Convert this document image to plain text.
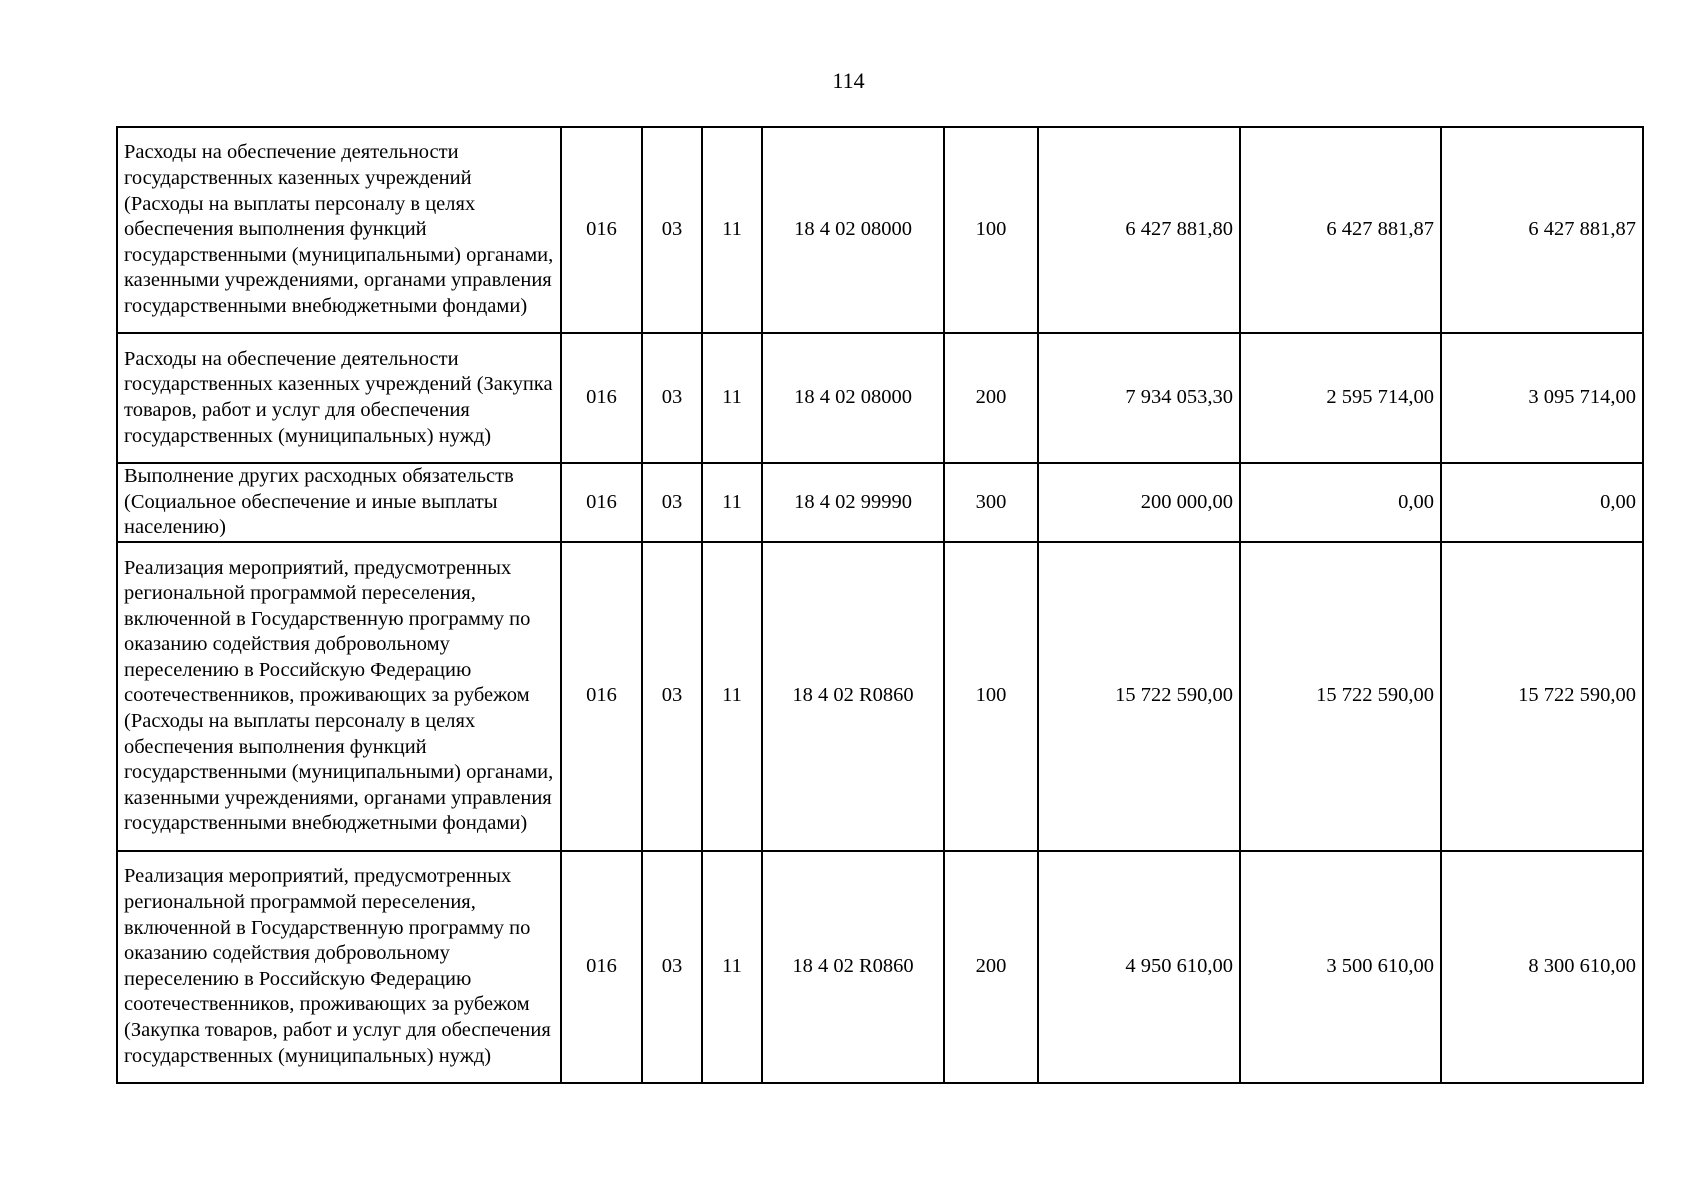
114
Расходы на обеспечение деятельности государственных казенных учреждений (Расходы на выплаты персоналу в целях обеспечения выполнения функций государственными (муниципальными) органами, казенными учреждениями, органами управления государственными внебюджетными фондами)	016	03	11	18 4 02 08000	100	6 427 881,80	6 427 881,87	6 427 881,87
Расходы на обеспечение деятельности государственных казенных учреждений (Закупка товаров, работ и услуг для обеспечения государственных (муниципальных) нужд)	016	03	11	18 4 02 08000	200	7 934 053,30	2 595 714,00	3 095 714,00
Выполнение других расходных обязательств (Социальное обеспечение и иные выплаты населению)	016	03	11	18 4 02 99990	300	200 000,00	0,00	0,00
Реализация мероприятий, предусмотренных региональной программой переселения, включенной в Государственную программу по оказанию содействия добровольному переселению в Российскую Федерацию соотечественников, проживающих за рубежом (Расходы на выплаты персоналу в целях обеспечения выполнения функций государственными (муниципальными) органами, казенными учреждениями, органами управления государственными внебюджетными фондами)	016	03	11	18 4 02 R0860	100	15 722 590,00	15 722 590,00	15 722 590,00
Реализация мероприятий, предусмотренных региональной программой переселения, включенной в Государственную программу по оказанию содействия добровольному переселению в Российскую Федерацию соотечественников, проживающих за рубежом (Закупка товаров, работ и услуг для обеспечения государственных (муниципальных) нужд)	016	03	11	18 4 02 R0860	200	4 950 610,00	3 500 610,00	8 300 610,00
